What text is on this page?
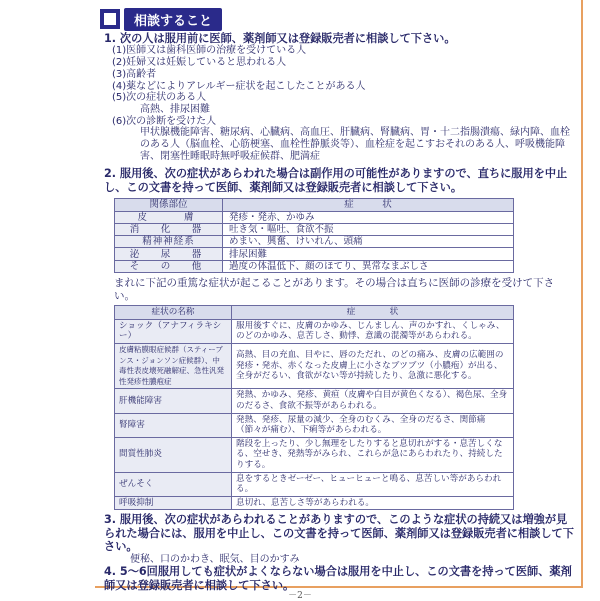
相談すること
1. 次の人は服用前に医師、薬剤師又は登録販売者に相談して下さい。
(1)医師又は歯科医師の治療を受けている人
(2)妊婦又は妊娠していると思われる人
(3)高齢者
(4)薬などによりアレルギー症状を起こしたことがある人
(5)次の症状のある人
高熱、排尿困難
(6)次の診断を受けた人
甲状腺機能障害、糖尿病、心臓病、高血圧、肝臓病、腎臓病、胃・十二指腸潰瘍、緑内障、血栓のある人（脳血栓、心筋梗塞、血栓性静脈炎等）、血栓症を起こすおそれのある人、呼吸機能障害、閉塞性睡眠時無呼吸症候群、肥満症
2. 服用後、次の症状があらわれた場合は副作用の可能性がありますので、直ちに服用を中止し、この文書を持って医師、薬剤師又は登録販売者に相談して下さい。
関係部位	症　　　状
皮　　膚	発疹・発赤、かゆみ
消　化　器	吐き気・嘔吐、食欲不振
精神神経系	めまい、興奮、けいれん、頭痛
泌　尿　器	排尿困難
そ　の　他	過度の体温低下、顔のほてり、異常なまぶしさ
まれに下記の重篤な症状が起こることがあります。その場合は直ちに医師の診療を受けて下さい。
症状の名称	症　　　　状
ショック（アナフィラキシー）	服用後すぐに、皮膚のかゆみ、じんましん、声のかすれ、くしゃみ、のどのかゆみ、息苦しさ、動悸、意識の混濁等があらわれる。
皮膚粘膜眼症候群（スティーブンス・ジョンソン症候群）、中毒性表皮壊死融解症、急性汎発性発疹性膿疱症	高熱、目の充血、目やに、唇のただれ、のどの痛み、皮膚の広範囲の発疹・発赤、赤くなった皮膚上に小さなブツブツ（小膿疱）が出る、全身がだるい、食欲がない等が持続したり、急激に悪化する。
肝機能障害	発熱、かゆみ、発疹、黄疸（皮膚や白目が黄色くなる）、褐色尿、全身のだるさ、食欲不振等があらわれる。
腎障害	発熱、発疹、尿量の減少、全身のむくみ、全身のだるさ、関節痛（節々が痛む）、下痢等があらわれる。
間質性肺炎	階段を上ったり、少し無理をしたりすると息切れがする・息苦しくなる、空せき、発熱等がみられ、これらが急にあらわれたり、持続したりする。
ぜんそく	息をするときゼーゼー、ヒューヒューと鳴る、息苦しい等があらわれる。
呼吸抑制	息切れ、息苦しさ等があらわれる。
3. 服用後、次の症状があらわれることがありますので、このような症状の持続又は増強が見られた場合には、服用を中止し、この文書を持って医師、薬剤師又は登録販売者に相談して下さい。
便秘、口のかわき、眠気、目のかすみ
4. 5～6回服用しても症状がよくならない場合は服用を中止し、この文書を持って医師、薬剤師又は登録販売者に相談して下さい。
－2－
